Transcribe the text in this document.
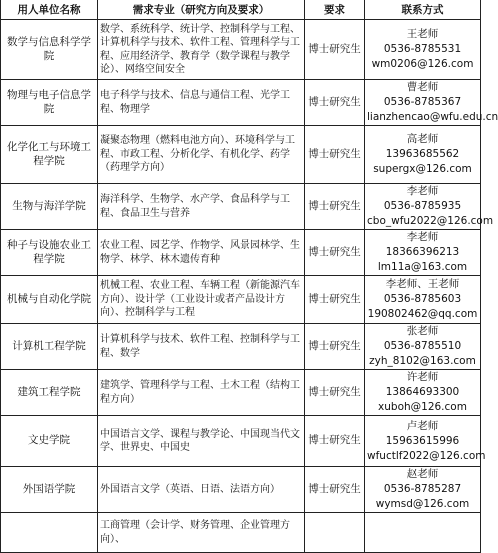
用人单位名称	需求专业（研究方向及要求）	要求	联系方式
数学与信息科学学院	数学、系统科学、统计学、控制科学与工程、计算机科学与技术、软件工程、管理科学与工程、应用经济学、教育学（数学课程与教学论）、网络空间安全	博士研究生	王老师
0536-8785531
wm0206@126.com

物理与电子信息学院	电子科学与技术、信息与通信工程、光学工程、物理学	博士研究生	曹老师
0536-8785367
lianzhencao@wfu.edu.cn

化学化工与环境工程学院	凝聚态物理（燃料电池方向）、环境科学与工程、市政工程、分析化学、有机化学、药学（药理学方向）	博士研究生	高老师
13963685562
supergx@126.com

生物与海洋学院	海洋科学、生物学、水产学、食品科学与工程、食品卫生与营养	博士研究生	李老师
0536-8785935
cbo_wfu2022@126.com

种子与设施农业工程学院	农业工程、园艺学、作物学、风景园林学、生物学、林学、林木遗传育种	博士研究生	李老师
18366396213
lm11a@163.com

机械与自动化学院	机械工程、农业工程、车辆工程（新能源汽车方向）、设计学（工业设计或者产品设计方向）、控制科学与工程	博士研究生	李老师、王老师
0536-8785603
190802462@qq.com

计算机工程学院	计算机科学与技术、软件工程、控制科学与工程、数学	博士研究生	张老师
0536-8785510
zyh_8102@163.com

建筑工程学院	建筑学、管理科学与工程、土木工程（结构工程方向）	博士研究生	许老师
13864693300
xuboh@126.com

文史学院	中国语言文学、课程与教学论、中国现当代文学、世界史、中国史	博士研究生	卢老师
15963615996
wfuctlf2022@126.com

外国语学院	外国语言文学（英语、日语、法语方向）	博士研究生	赵老师
0536-8785287
wymsd@126.com

	工商管理（会计学、财务管理、企业管理方向）、		
